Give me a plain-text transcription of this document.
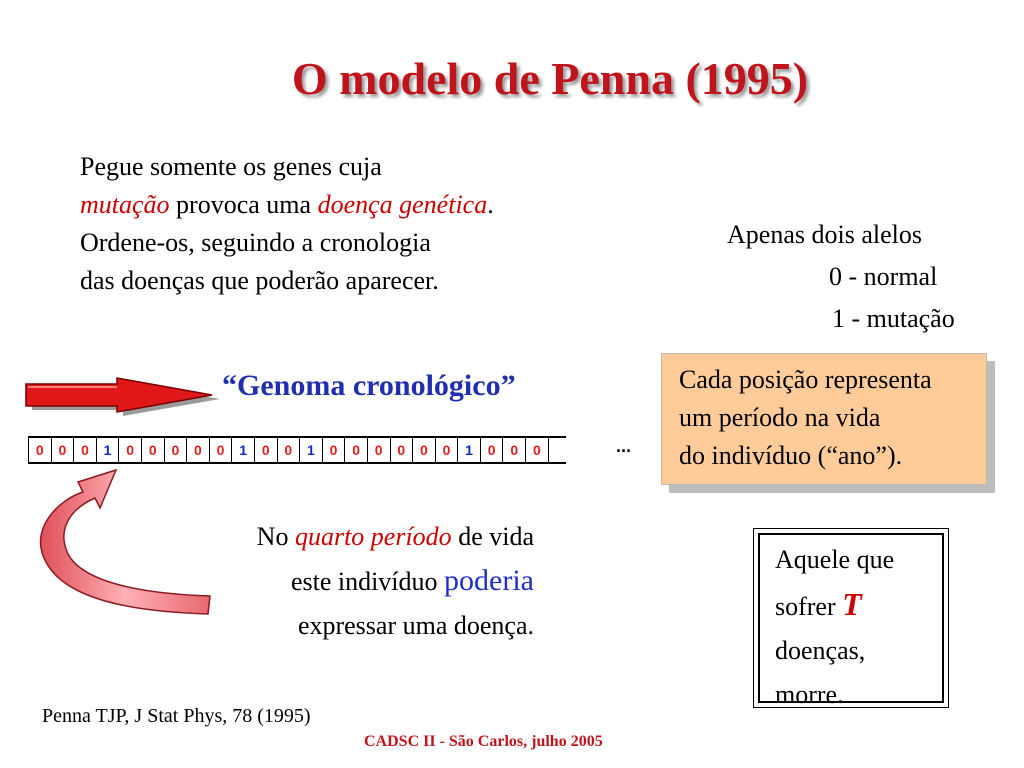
O modelo de Penna (1995)
Pegue somente os genes cuja
mutação provoca uma doença genética.
Ordene-os, seguindo a cronologia
das doenças que poderão aparecer.
Apenas dois alelos
0 - normal
1 - mutação
“Genoma cronológico”
0	0	0	1	0	0	0	0	0	1	0	0	1	0	0	0	0	0	0	1	0	0	0	...
Cada posição representa
um período na vida
do indivíduo (“ano”).
No quarto período de vida
este indivíduo poderia
expressar uma doença.
Aquele que
sofrer T
doenças,
morre.
Penna TJP, J Stat Phys, 78 (1995)
CADSC II - São Carlos, julho 2005
